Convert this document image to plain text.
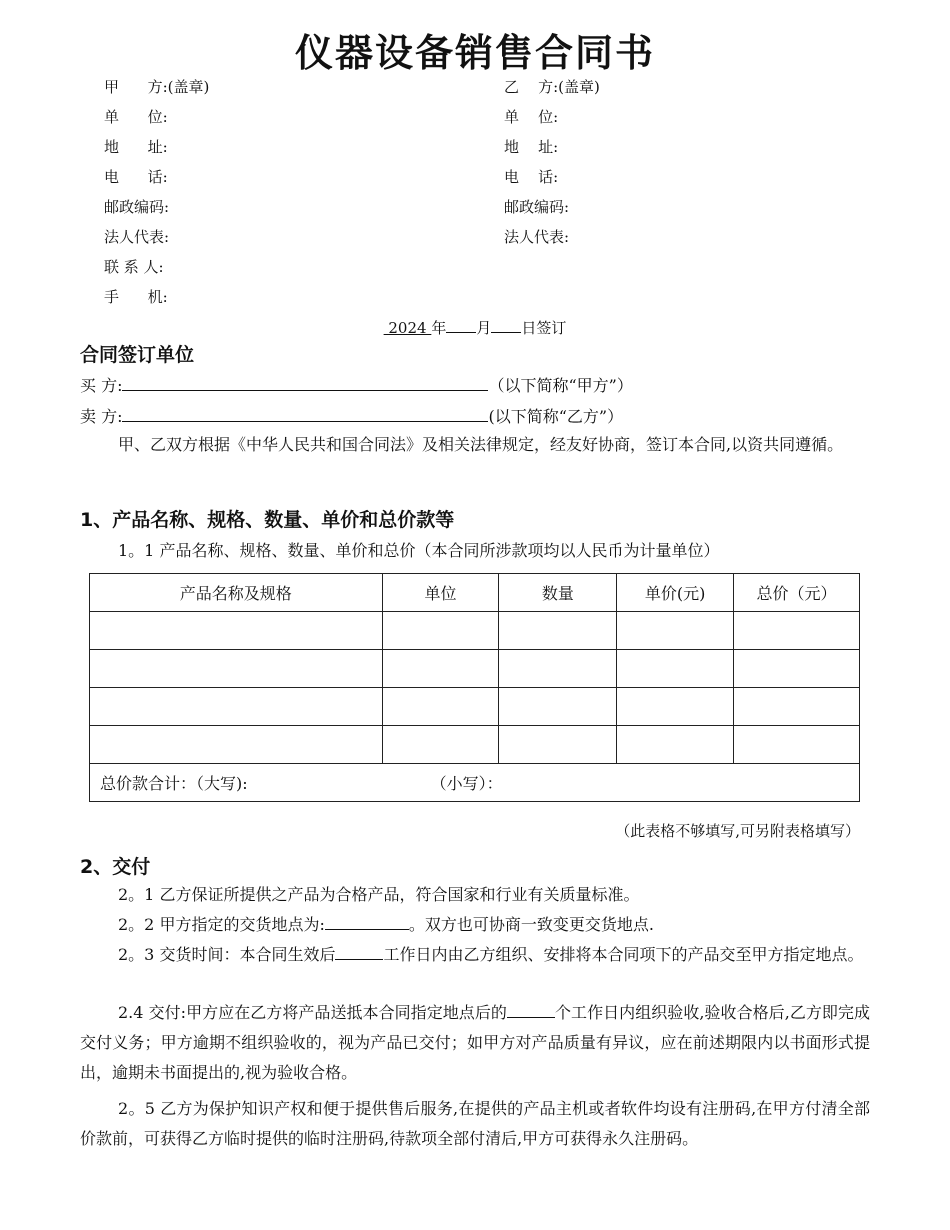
仪器设备销售合同书
甲      方:(盖章)
单      位:
地      址:
电      话:
邮政编码:
法人代表:
联 系 人:
手      机:
乙    方:(盖章)
单    位:
地    址:
电    话:
邮政编码:
法人代表:
2024 年 月 日签订
合同签订单位
买 方:	（以下简称“甲方”）
卖 方:	(以下简称“乙方”）
甲、乙双方根据《中华人民共和国合同法》及相关法律规定，经友好协商，签订本合同,以资共同遵循。
1、产品名称、规格、数量、单价和总价款等
1。1 产品名称、规格、数量、单价和总价（本合同所涉款项均以人民币为计量单位）
产品名称及规格	单位	数量	单价(元)	总价（元）

总价款合计：（大写): （小写）：				
（此表格不够填写,可另附表格填写）
2、交付
2。1 乙方保证所提供之产品为合格产品，符合国家和行业有关质量标准。
2。2 甲方指定的交货地点为:	。双方也可协商一致变更交货地点.
2。3 交货时间：本合同生效后	工作日内由乙方组织、安排将本合同项下的产品交至甲方指定地点。
2.4 交付:甲方应在乙方将产品送抵本合同指定地点后的	个工作日内组织验收,验收合格后,乙方即完成交付义务；甲方逾期不组织验收的，视为产品已交付；如甲方对产品质量有异议，应在前述期限内以书面形式提出，逾期未书面提出的,视为验收合格。
2。5 乙方为保护知识产权和便于提供售后服务,在提供的产品主机或者软件均设有注册码,在甲方付清全部价款前，可获得乙方临时提供的临时注册码,待款项全部付清后,甲方可获得永久注册码。
